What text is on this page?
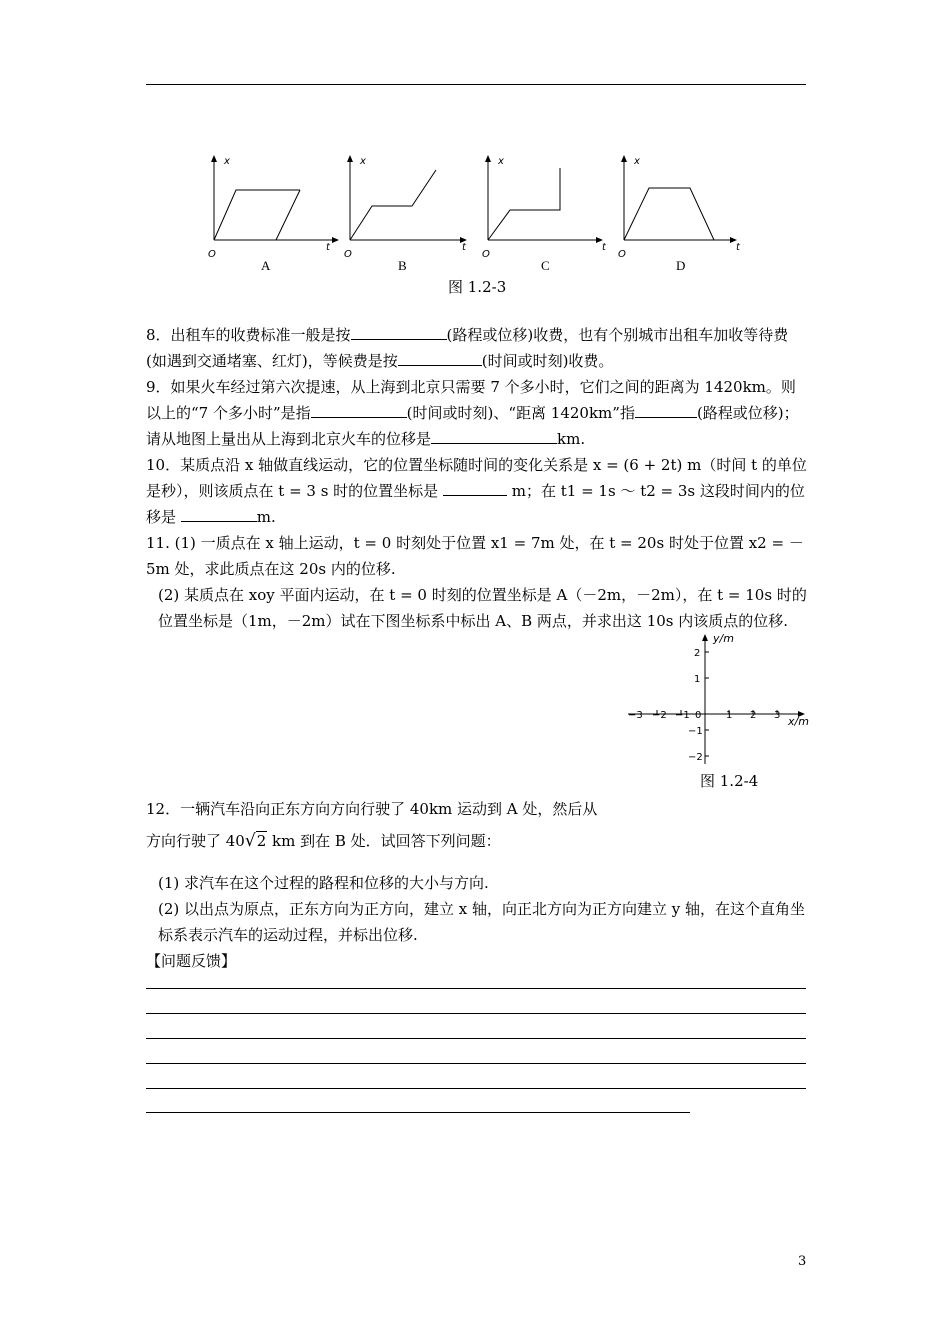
x
t
O
A
x
t
O
B
x
t
O
C
x
t
O
D
图 1.2-3

8．出租车的收费标准一般是按	(路程或位移)收费，也有个别城市出租车加收等待费(如遇到交通堵塞、红灯)，等候费是按	(时间或时刻)收费。

9．如果火车经过第六次提速，从上海到北京只需要 7 个多小时，它们之间的距离为 1420km。则以上的“7 个多小时”是指	(时间或时刻)、“距离 1420km”指	(路程或位移)；请从地图上量出从上海到北京火车的位移是	km.

10．某质点沿 x 轴做直线运动，它的位置坐标随时间的变化关系是 x = (6 + 2t) m（时间 t 的单位是秒），则该质点在 t = 3 s 时的位置坐标是	m；在 t1 = 1s ～ t2 = 3s 这段时间内的位移是	m.

11. (1) 一质点在 x 轴上运动，t = 0 时刻处于位置 x1 = 7m 处，在 t = 20s 时处于位置 x2 = －5m 处，求此质点在这 20s 内的位移.

(2) 某质点在 xoy 平面内运动，在 t = 0 时刻的位置坐标是 A（－2m，－2m），在 t = 10s 时的位置坐标是（1m，－2m）试在下图坐标系中标出 A、B 两点，并求出这 10s 内该质点的位移.

y/m
x/m
−3 −2 −1 0 1 2 3
2
1
−1
−2
图 1.2-4
12．一辆汽车沿向正东方向方向行驶了 40km 运动到 A 处，然后从
方向行驶了 40√2 km 到在 B 处．试回答下列问题：

(1) 求汽车在这个过程的路程和位移的大小与方向.

(2) 以出点为原点，正东方向为正方向，建立 x 轴，向正北方向为正方向建立 y 轴，在这个直角坐标系表示汽车的运动过程，并标出位移.

【问题反馈】

3
